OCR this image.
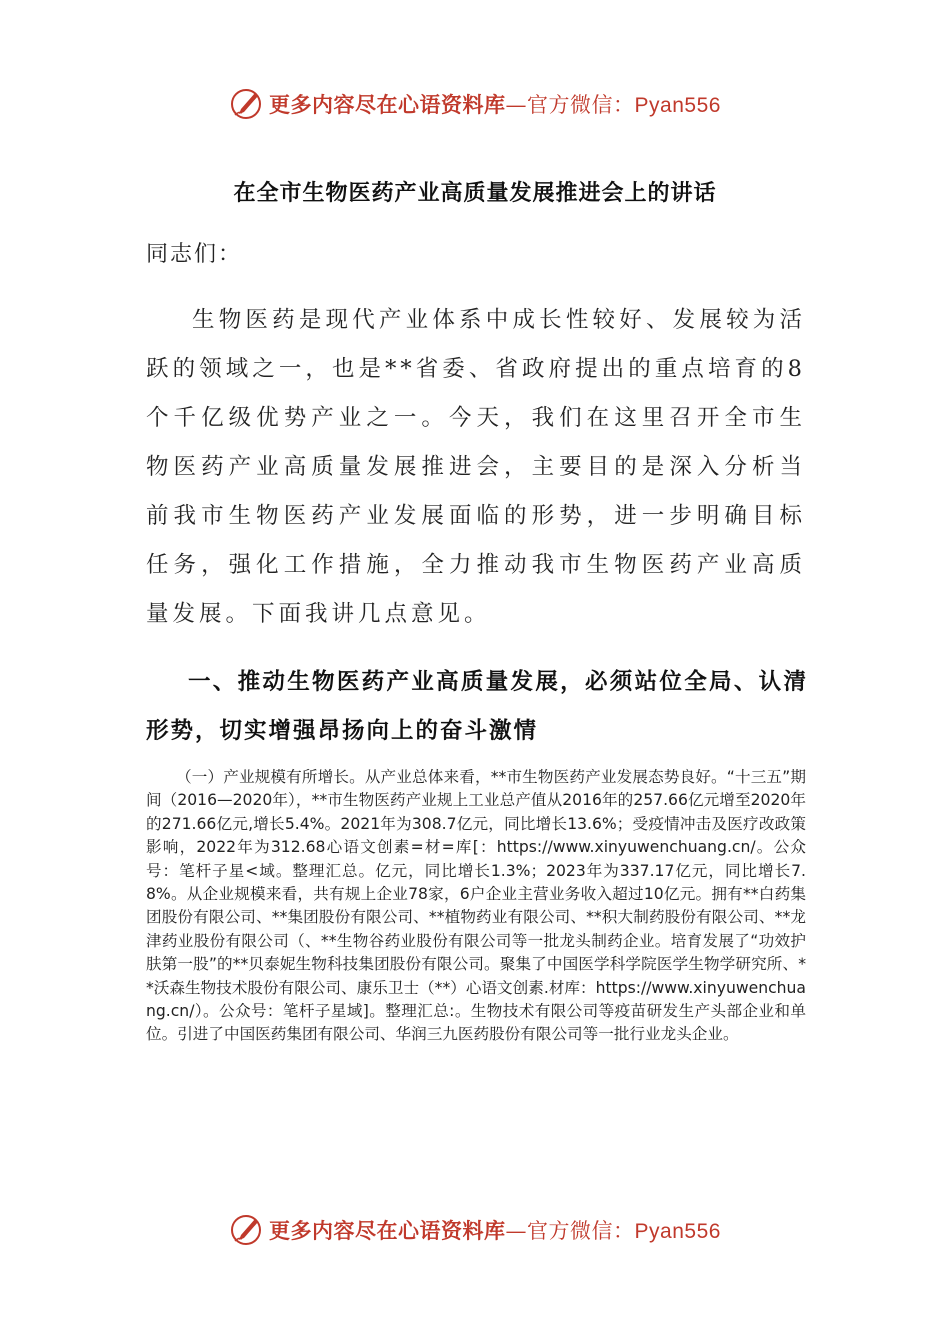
更多内容尽在心语资料库—官方微信：Pyan556
在全市生物医药产业高质量发展推进会上的讲话
同志们：

生物医药是现代产业体系中成长性较好、发展较为活跃的领域之一，也是**省委、省政府提出的重点培育的8个千亿级优势产业之一。今天，我们在这里召开全市生物医药产业高质量发展推进会，主要目的是深入分析当前我市生物医药产业发展面临的形势，进一步明确目标任务，强化工作措施，全力推动我市生物医药产业高质量发展。下面我讲几点意见。

一、推动生物医药产业高质量发展，必须站位全局、认清形势，切实增强昂扬向上的奋斗激情

（一）产业规模有所增长。从产业总体来看，**市生物医药产业发展态势良好。“十三五”期间（2016—2020年），**市生物医药产业规上工业总产值从2016年的257.66亿元增至2020年的271.66亿元,增长5.4%。2021年为308.7亿元，同比增长13.6%；受疫情冲击及医疗改政策影响，2022年为312.68心语文创素=材=库[：https://www.xinyuwenchuang.cn/。公众号：笔杆子星<域。整理汇总。亿元，同比增长1.3%；2023年为337.17亿元，同比增长7.8%。从企业规模来看，共有规上企业78家，6户企业主营业务收入超过10亿元。拥有**白药集团股份有限公司、**集团股份有限公司、**植物药业有限公司、**积大制药股份有限公司、**龙津药业股份有限公司（、**生物谷药业股份有限公司等一批龙头制药企业。培育发展了“功效护肤第一股”的**贝泰妮生物科技集团股份有限公司。聚集了中国医学科学院医学生物学研究所、**沃森生物技术股份有限公司、康乐卫士（**）心语文创素.材库：https://www.xinyuwenchuang.cn/）。公众号：笔杆子星域]。整理汇总:。生物技术有限公司等疫苗研发生产头部企业和单位。引进了中国医药集团有限公司、华润三九医药股份有限公司等一批行业龙头企业。

更多内容尽在心语资料库—官方微信：Pyan556
